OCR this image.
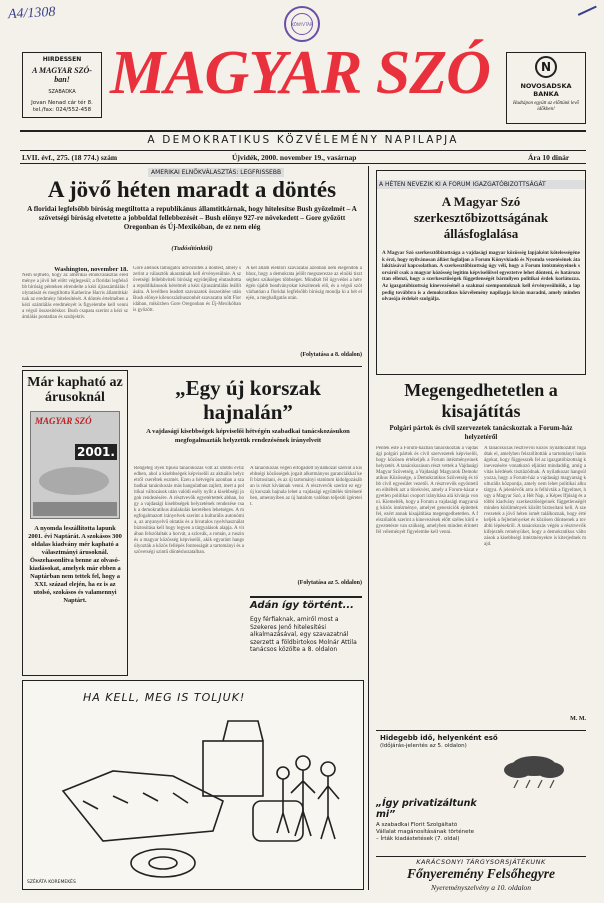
A4/1308
KÖNYVTÁR
HIRDESSEN
A MAGYAR SZÓ-ban!
SZABADKA
Jovan Nenad cár tér 8.
tel./fax: 024/552-458
MAGYAR SZÓ	N
NOVOSADSKA BANKA
Hadtápon együtt az előttünk levő időkben!
A DEMOKRATIKUS KÖZVÉLEMÉNY NAPILAPJA
LVII. évf., 275. (18 774.) szám	Újvidék, 2000. november 19., vasárnap	Ára 10 dinár
AMERIKAI ELNÖKVÁLASZTÁS: LEGFRISSEBB
A jövő héten maradt a döntés
A floridai legfelsőbb bíróság megtiltotta a republikánus államtitkárnak, hogy hitelesítse Bush győzelmét – A szövetségi bíróság elvetette a jobboldal fellebbezését – Bush előnye 927-re növekedett – Gore győzött Oregonban és Új-Mexikóban, de ez nem elég
(Tudósítónktól)
Washington, november 18.
Nem sejthető, hogy az amerikai elnökválasztás eredménye a jövő hét előtt véglegesül; a floridai legfelsőbb bíróság pénteken elrendelte a kézi újraszámlálás folytatását és megtiltotta Katherine Harris államtitkárnak az eredmény hitelesítését. A döntés értelmében a kézi számlálás eredményét is figyelembe kell venni a végső összesítéskor. Bush csapata szerint a kézi számlálás pontatlan és szubjektív.
Gore alelnök támogatói üdvözölték a döntést, amely szerint a választók akaratának kell érvényesülnie. A szövetségi fellebbviteli bíróság egyidejűleg elutasította a republikánusok kérelmét a kézi újraszámlálás leállítására. A levélben leadott szavazatok összesítése után Bush előnye kilencszázhuszonhét szavazatra nőtt Floridában, miközben Gore Oregonban és Új-Mexikóban is győzött.
A két állam elektori szavazatai azonban nem elegendők ahhoz, hogy a demokrata jelölt megszerezze az elnöki tisztséghez szükséges többséget. Mindkét fél ügyvédei a hétvégén újabb beadványokat készítenek elő, és a végső szót várhatóan a floridai legfelsőbb bíróság mondja ki a hét elején, a meghallgatás után.
(Folytatása a 8. oldalon)
Már kapható az árusoknál
MAGYAR SZÓ
2001.
A nyomda leszállította lapunk 2001. évi Naptárát. A szokásos 300 oldalas kiadvány mér kapható a választmányi árusoknál. Összehasonlítva benne az olvasó-kiadásokat, amelyek már ebben a Naptárban nem tettek fel, hogy a XXI. század elején, ha ez is az utolsó, szokásos és valamennyi Naptárt.
„Egy új korszak hajnalán”
A vajdasági kisebbségek képviselői hétvégén szabadkai tanácskozásukon megfogalmazták helyzetük rendezésének irányelveit
Rengeteg ilyen típusú tanácskozás volt az utóbbi évtizedben, ahol a kisebbségek képviselői az aktuális helyzetről cseréltek eszmét. Ezen a hétvégén azonban a szabadkai tanácskozás más hangulatban zajlott, mert a politikai változások után valódi esély nyílt a kisebbségi jogok rendezésére. A résztvevők egyetértettek abban, hogy a vajdasági kisebbségek helyzetének rendezése csak a demokratikus átalakulás keretében lehetséges. A megfogalmazott irányelvek szerint a kulturális autonómia, az anyanyelvű oktatás és a hivatalos nyelvhasználat biztosítása kell hogy legyen a tárgyalások alapja. A vitában felszólaltak a horvát, a szlovák, a román, a ruszin és a magyar közösség képviselői, akik egyaránt hangsúlyozták a közös fellépés fontosságát a tartományi és a szövetségi szintű döntéshozatalban.
A tanácskozás végén elfogadott nyilatkozat szerint a kisebbségi közösségek jogait alkotmányos garanciákkal kell biztosítani, és az új tartományi statútum kidolgozásában is részt kívánnak venni. A résztvevők szerint ez egy új korszak hajnala lehet a vajdasági együttélés történetében, amennyiben az új hatalom valóban teljesíti ígéreteit.
(Folytatása az 5. oldalon)
Adán így történt...
Egy férfiaknak, amiről most a Szekeres Jenő hitelesítési alkalmazásával, egy szavazatnál szerzett a földbirtokos Molnár Attila tanácsos közölte a 8. oldalon
HA KELL, MEG IS TOLJUK!
SZÉKÁTA KOREMEKÉS
A HÉTEN NEVEZIK KI A FORUM IGAZGATÓBIZOTTSÁGÁT
A Magyar Szó szerkesztőbizottságának állásfoglalása
A Magyar Szó szerkesztőbizottsága a vajdasági magyar közösség lapjaként kötelességének érzi, hogy nyilvánosan állást foglaljon a Forum Könyvkiadó és Nyomda vezetésének átalakításával kapcsolatban. A szerkesztőbizottság úgy véli, hogy a Forum intézményeinek sorsáról csak a magyar közösség legitim képviselőivel egyeztetve lehet dönteni, és határozottan ellenzi, hogy a szerkesztőségek függetlenségét bármilyen politikai érdek korlátozza. Az igazgatóbizottság kinevezésénél a szakmai szempontoknak kell érvényesülniük, a lap pedig továbbra is a demokratikus közvélemény napilapja kíván maradni, amely minden olvasója érdekét szolgálja.
Megengedhetetlen a kisajátítás
Polgári pártok és civil szervezetek tanácskoztak a Forum-ház helyzetéről
Péntek este a Forum-házban tanácskoztak a vajdasági polgári pártok és civil szervezetek képviselői, hogy közösen értékeljék a Forum intézményeinek helyzetét. A tanácskozáson részt vettek a Vajdasági Magyar Szövetség, a Vajdasági Magyarok Demokratikus Közössége, a Demokratikus Szövetség és több civil egyesület vezetői. A résztvevők egyöntetűen elítélték azt a törekvést, amely a Forum-házat egyetlen politikai csoport irányítása alá kívánja vonni. Kiemelték, hogy a Forum a vajdasági magyarság közös intézménye, amelyet generációk építettek fel, ezért annak kisajátítása megengedhetetlen. A felszólalók szerint a kinevezések előtt széles körű egyeztetésre van szükség, amelyben minden érintett fél véleményét figyelembe kell venni.
A tanácskozás résztvevői közös nyilatkozatot fogadtak el, amelyben felszólították a tartományi hatóságokat, hogy függesszék fel az igazgatóbizottság kinevezésére vonatkozó eljárást mindaddig, amíg a vitás kérdések tisztázódnak. A nyilatkozat hangsúlyozza, hogy a Forum-ház a vajdasági magyarság kulturális központja, amely nem lehet politikai alku tárgya. A jelenlévők arra is felhívták a figyelmet, hogy a Magyar Szó, a Hét Nap, a Képes Ifjúság és a többi kiadvány szerkesztőségeinek függetlenségét minden körülmények között biztosítani kell. A szervezetek a jövő héten ismét találkoznak, hogy értékeljék a fejleményeket és közösen döntsenek a további lépésekről. A tanácskozás végén a résztvevők kifejezték reményüket, hogy a demokratikus változások a kisebbségi intézményekre is kiterjednek majd.
M. M.
Hidegebb idő, helyenként eső
(Időjárás-jelentés az 5. oldalon)
„Így privatizáltunk mi”
A szabadkai Florit Szolgáltató Vállalat magánosításának története – Írták kiadástetések (7. oldal)
KARÁCSONYI TÁRGYSORSJÁTÉKUNK
Főnyeremény Felsőhegyre
Nyereményszelvény a 10. oldalon
